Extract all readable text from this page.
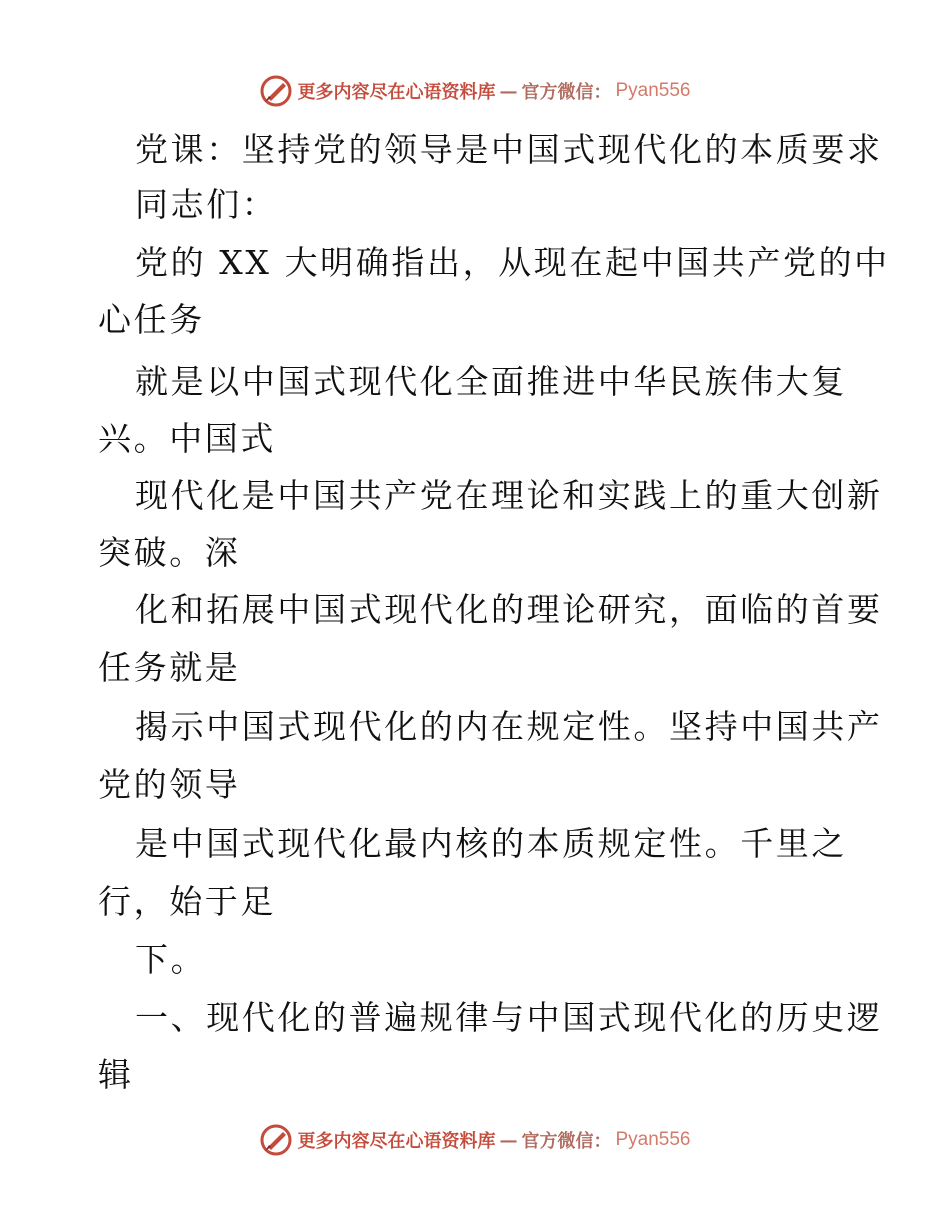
更多内容尽在心语资料库 — 官方微信： Pyan556
党课：坚持党的领导是中国式现代化的本质要求
同志们：
党的 XX 大明确指出，从现在起中国共产党的中
心任务
就是以中国式现代化全面推进中华民族伟大复
兴。中国式
现代化是中国共产党在理论和实践上的重大创新
突破。深
化和拓展中国式现代化的理论研究，面临的首要
任务就是
揭示中国式现代化的内在规定性。坚持中国共产
党的领导
是中国式现代化最内核的本质规定性。千里之
行，始于足
下。
一、现代化的普遍规律与中国式现代化的历史逻
辑
更多内容尽在心语资料库 — 官方微信： Pyan556
